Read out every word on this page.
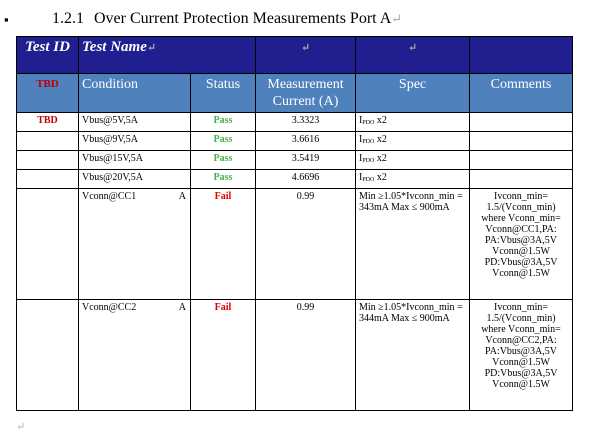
▪	1.2.1 Over Current Protection Measurements Port A↵
Test ID	Test Name↵		↵	↵	
TBD	Condition	Status	Measurement Current (A)	Spec	Comments
TBD	Vbus@5V,5A	Pass	3.3323	IPDO x2	
	Vbus@9V,5A	Pass	3.6616	IPDO x2	
	Vbus@15V,5A	Pass	3.5419	IPDO x2	
	Vbus@20V,5A	Pass	4.6696	IPDO x2	
	Vconn@CC1 A	Fail	0.99	Min ≥1.05*Ivconn_min = 343mA Max ≤ 900mA	Ivconn_min= 1.5/(Vconn_min) where Vconn_min= Vconn@CC1,PA: PA:Vbus@3A,5V Vconn@1.5W PD:Vbus@3A,5V Vconn@1.5W
	Vconn@CC2 A	Fail	0.99	Min ≥1.05*Ivconn_min = 344mA Max ≤ 900mA	Ivconn_min= 1.5/(Vconn_min) where Vconn_min= Vconn@CC2,PA: PA:Vbus@3A,5V Vconn@1.5W PD:Vbus@3A,5V Vconn@1.5W
↵
